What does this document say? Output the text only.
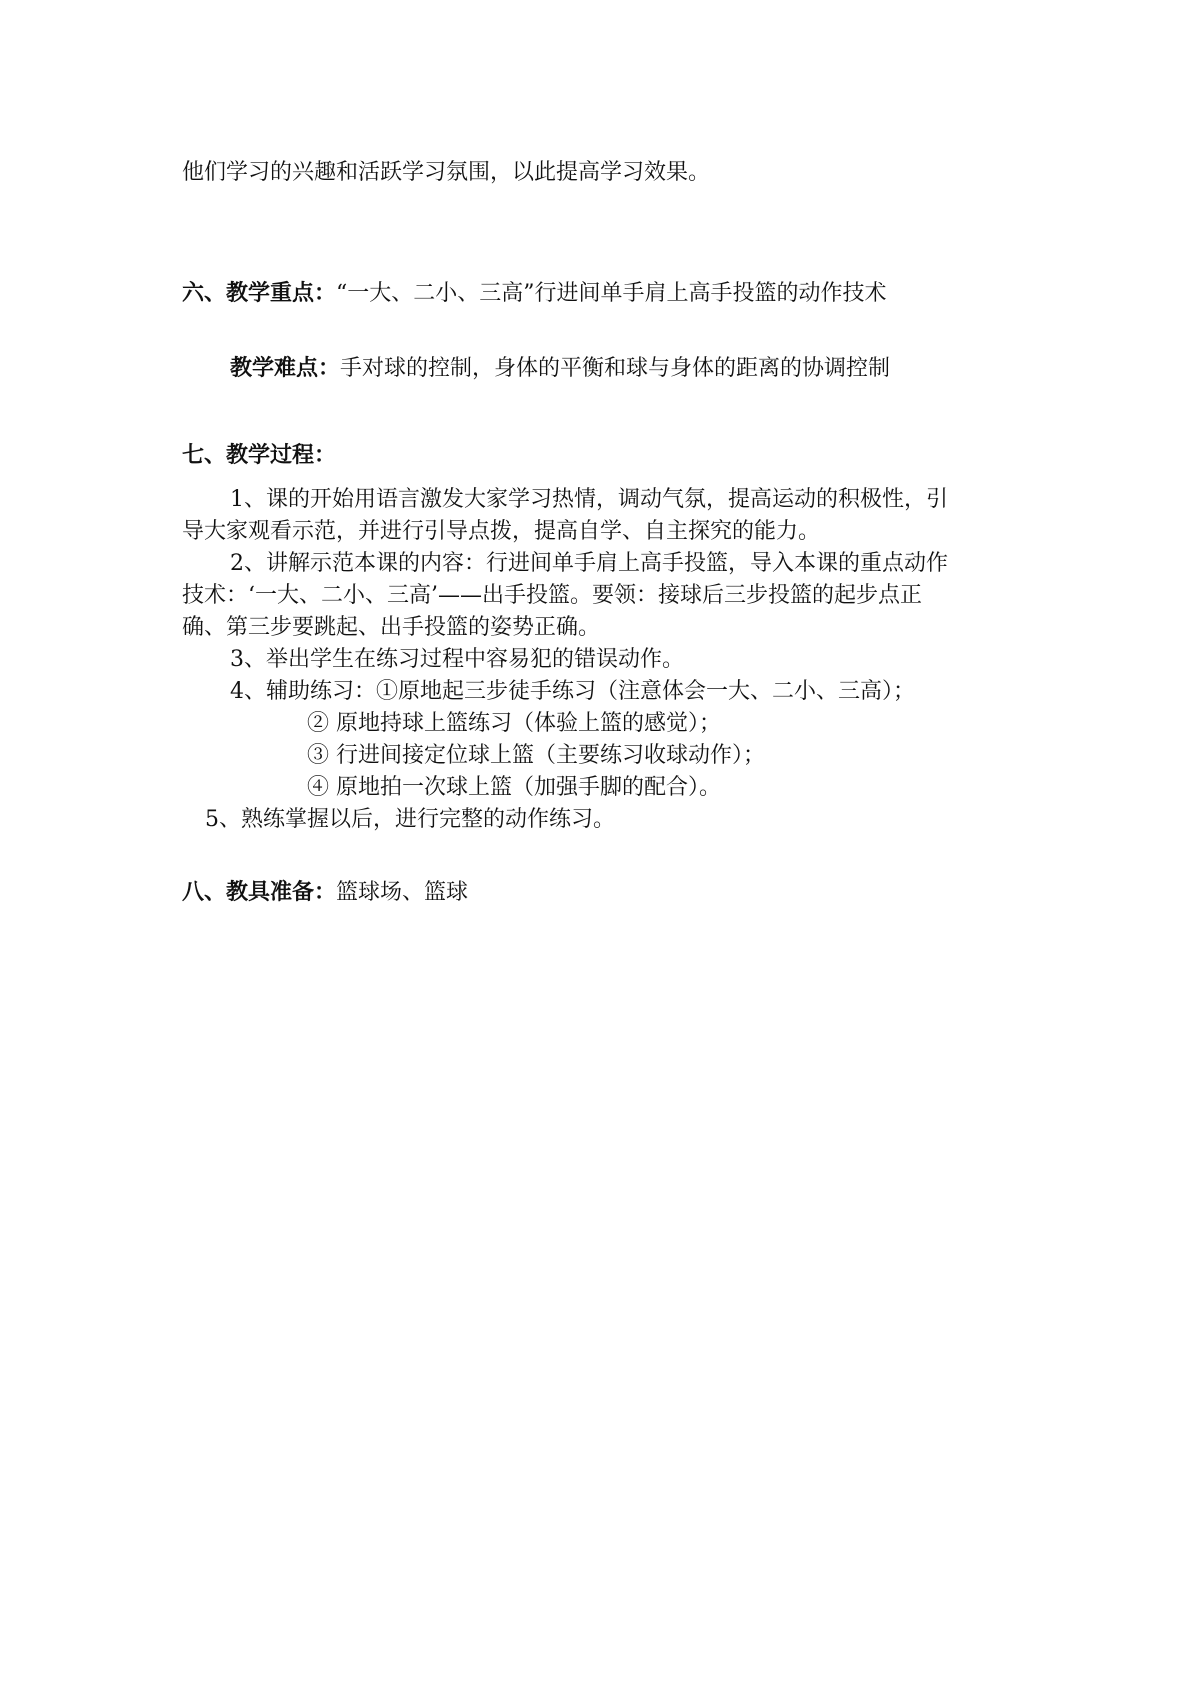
他们学习的兴趣和活跃学习氛围，以此提高学习效果。
六、教学重点：“一大、二小、三高”行进间单手肩上高手投篮的动作技术
教学难点：手对球的控制，身体的平衡和球与身体的距离的协调控制
七、教学过程：
1、课的开始用语言激发大家学习热情，调动气氛，提高运动的积极性，引
导大家观看示范，并进行引导点拨，提高自学、自主探究的能力。
2、讲解示范本课的内容：行进间单手肩上高手投篮，导入本课的重点动作
技术：‘一大、二小、三高’——出手投篮。要领：接球后三步投篮的起步点正
确、第三步要跳起、出手投篮的姿势正确。
3、举出学生在练习过程中容易犯的错误动作。
4、辅助练习：①原地起三步徒手练习（注意体会一大、二小、三高）；
② 原地持球上篮练习（体验上篮的感觉）；
③ 行进间接定位球上篮（主要练习收球动作）；
④ 原地拍一次球上篮（加强手脚的配合）。
5、熟练掌握以后，进行完整的动作练习。
八、教具准备：篮球场、篮球
